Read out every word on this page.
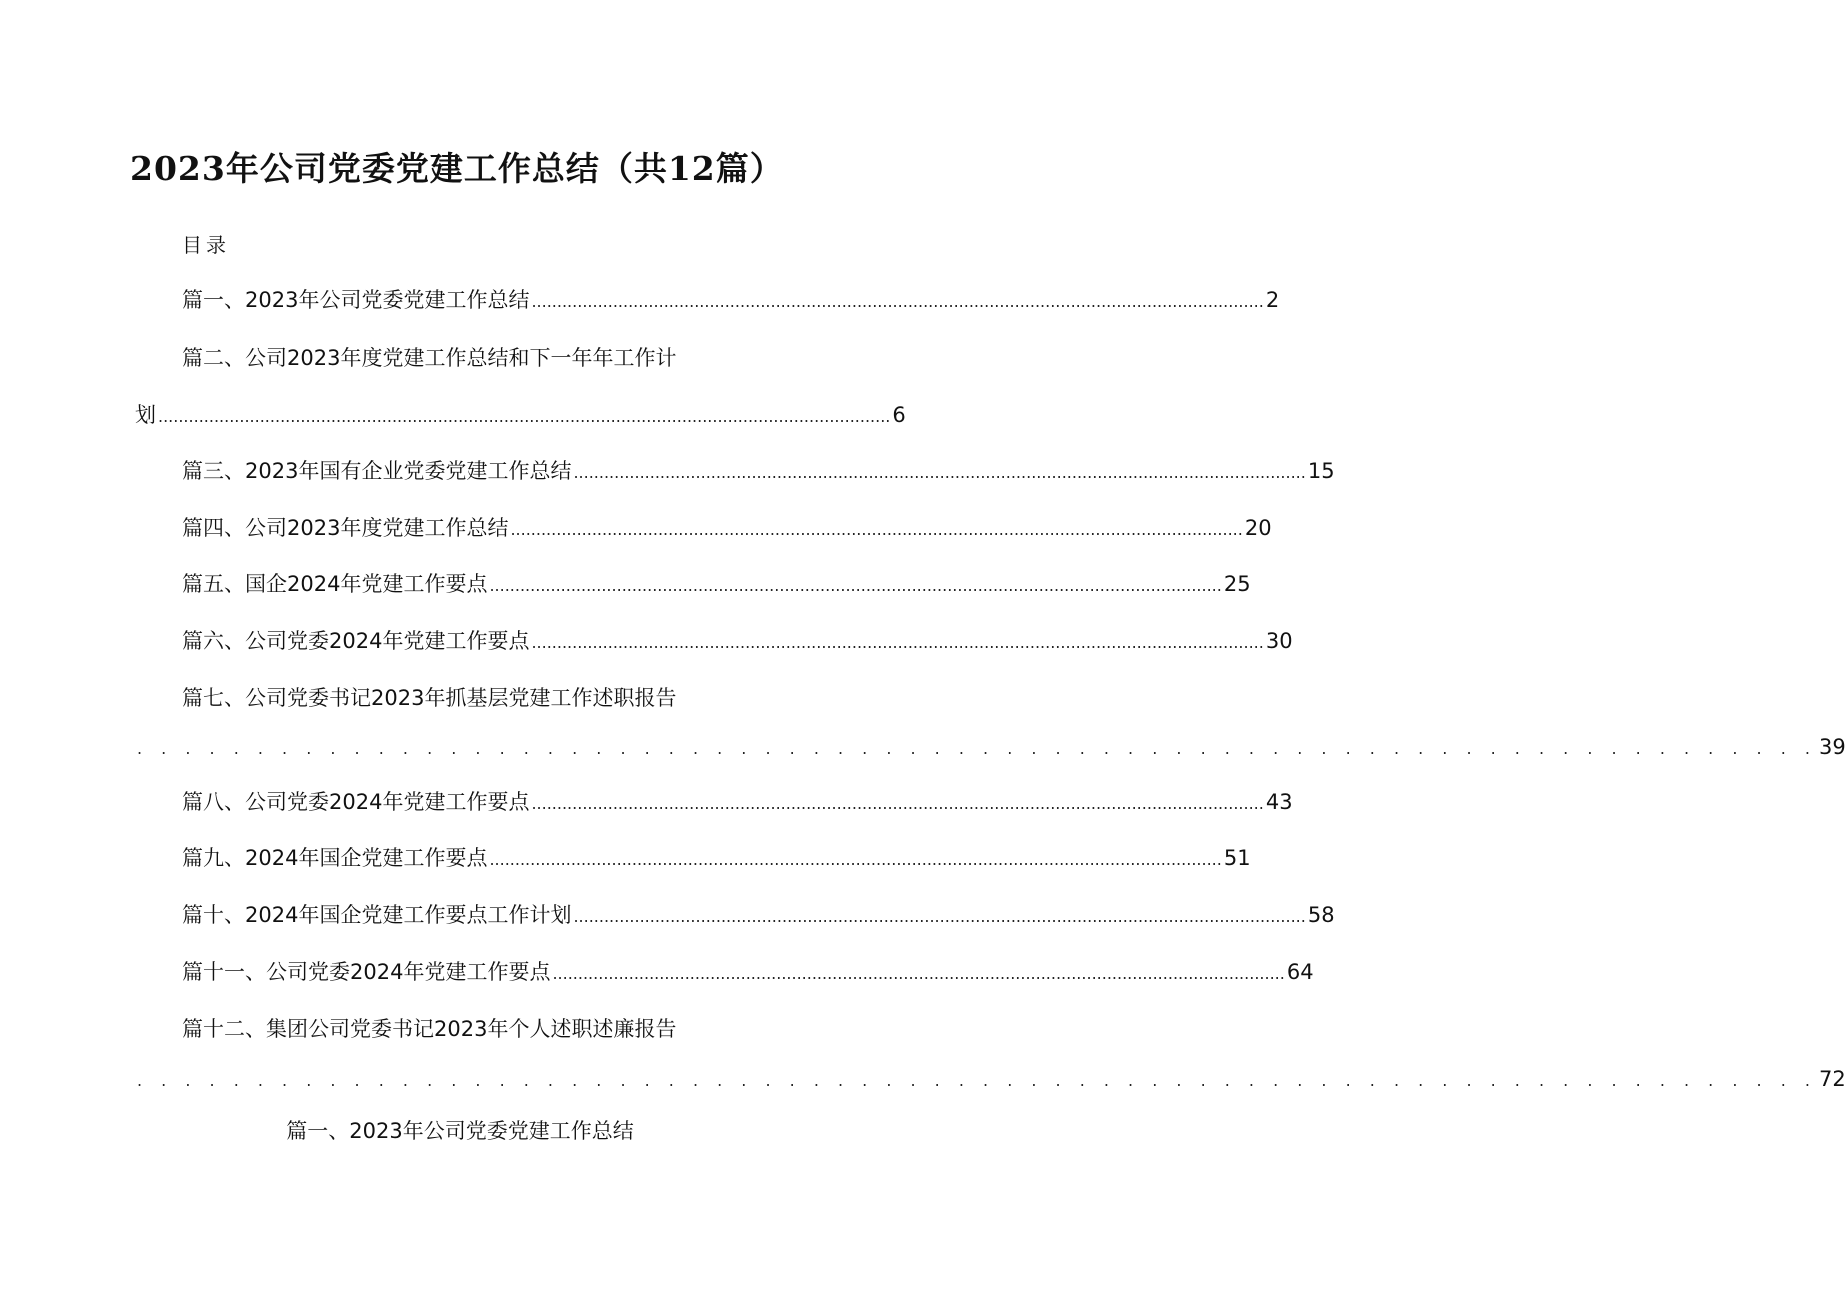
2023年公司党委党建工作总结（共12篇）
目录
篇一、2023年公司党委党建工作总结 ................................................................................................................................................ 2
篇二、公司2023年度党建工作总结和下一年年工作计
划 ................................................................................................................................................ 6
篇三、2023年国有企业党委党建工作总结 ................................................................................................................................................ 15
篇四、公司2023年度党建工作总结 ................................................................................................................................................ 20
篇五、国企2024年党建工作要点 ................................................................................................................................................ 25
篇六、公司党委2024年党建工作要点 ................................................................................................................................................ 30
篇七、公司党委书记2023年抓基层党建工作述职报告
. . . . . . . . . . . . . . . . . . . . . . . . . . . . . . . . . . . . . . . . . . . . . . . . . . . . . . . . . . . . . . . . . . . . . . 39
篇八、公司党委2024年党建工作要点 ................................................................................................................................................ 43
篇九、2024年国企党建工作要点 ................................................................................................................................................ 51
篇十、2024年国企党建工作要点工作计划 ................................................................................................................................................ 58
篇十一、公司党委2024年党建工作要点 ................................................................................................................................................ 64
篇十二、集团公司党委书记2023年个人述职述廉报告
. . . . . . . . . . . . . . . . . . . . . . . . . . . . . . . . . . . . . . . . . . . . . . . . . . . . . . . . . . . . . . . . . . . . . . 72
篇一、2023年公司党委党建工作总结
